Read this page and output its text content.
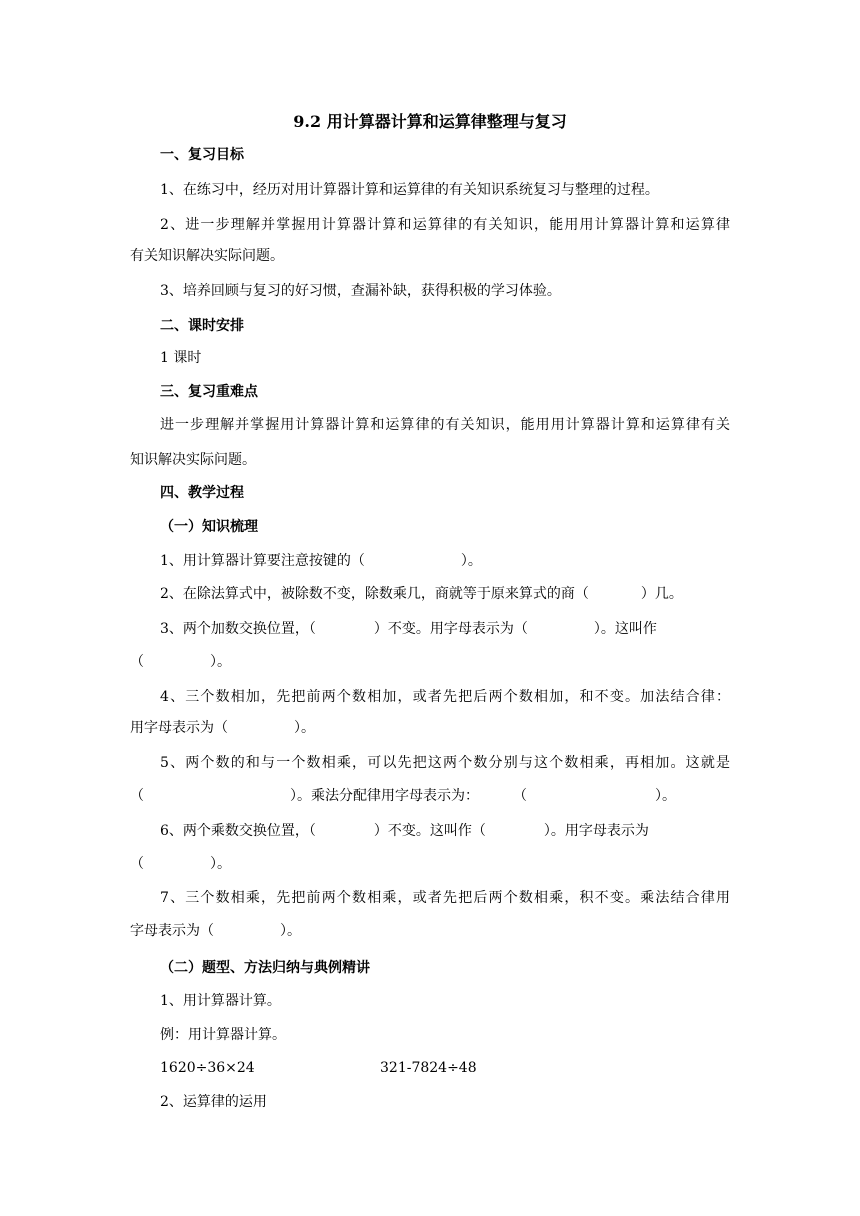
9.2 用计算器计算和运算律整理与复习
一、复习目标
1、在练习中，经历对用计算器计算和运算律的有关知识系统复习与整理的过程。
2、进一步理解并掌握用计算器计算和运算律的有关知识，能用用计算器计算和运算律
有关知识解决实际问题。
3、培养回顾与复习的好习惯，查漏补缺，获得积极的学习体验。
二、课时安排
1 课时
三、复习重难点
进一步理解并掌握用计算器计算和运算律的有关知识，能用用计算器计算和运算律有关
知识解决实际问题。
四、教学过程
（一）知识梳理
1、用计算器计算要注意按键的（	）。
2、在除法算式中，被除数不变，除数乘几，商就等于原来算式的商（	）几。
3、两个加数交换位置，（	）不变。用字母表示为（	）。这叫作
（	）。
4、三个数相加，先把前两个数相加，或者先把后两个数相加，和不变。加法结合律：
用字母表示为（	）。
5、两个数的和与一个数相乘，可以先把这两个数分别与这个数相乘，再相加。这就是
（	）。乘法分配律用字母表示为： （	）。
6、两个乘数交换位置，（	）不变。这叫作（	）。用字母表示为
（	）。
7、三个数相乘，先把前两个数相乘，或者先把后两个数相乘，积不变。乘法结合律用
字母表示为（	）。
（二）题型、方法归纳与典例精讲
1、用计算器计算。
例：用计算器计算。
1620÷36×24	321-7824÷48
2、运算律的运用
